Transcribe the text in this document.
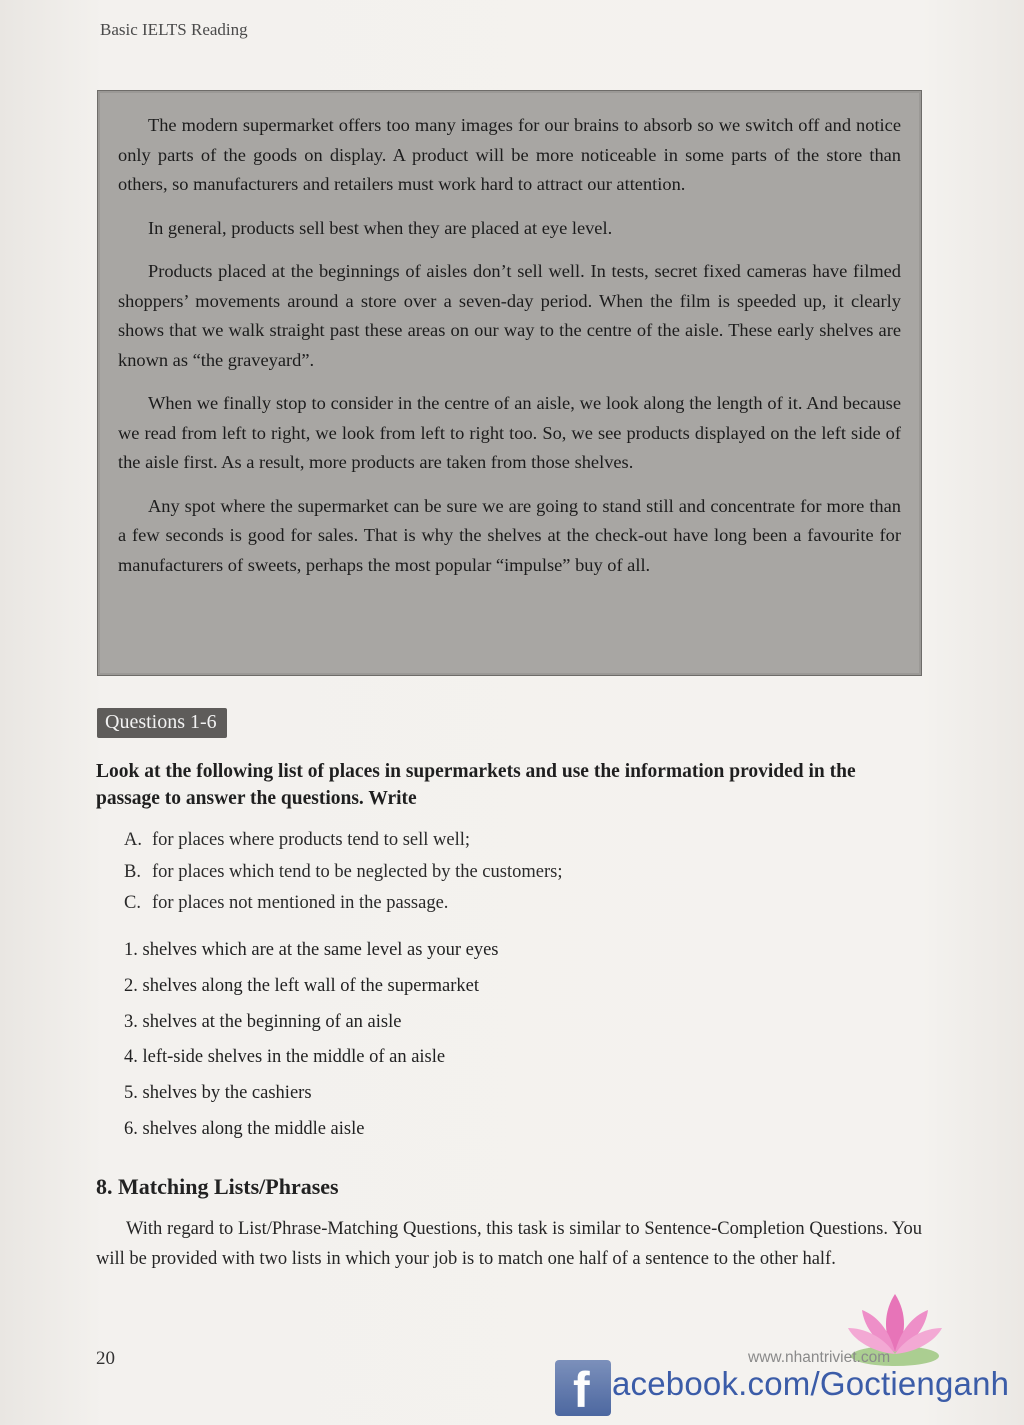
Basic IELTS Reading

The modern supermarket offers too many images for our brains to absorb so we switch off and notice only parts of the goods on display. A product will be more noticeable in some parts of the store than others, so manufacturers and retailers must work hard to attract our attention.

In general, products sell best when they are placed at eye level.

Products placed at the beginnings of aisles don’t sell well. In tests, secret fixed cameras have filmed shoppers’ movements around a store over a seven-day period. When the film is speeded up, it clearly shows that we walk straight past these areas on our way to the centre of the aisle. These early shelves are known as “the graveyard”.

When we finally stop to consider in the centre of an aisle, we look along the length of it. And because we read from left to right, we look from left to right too. So, we see products displayed on the left side of the aisle first. As a result, more products are taken from those shelves.

Any spot where the supermarket can be sure we are going to stand still and concentrate for more than a few seconds is good for sales. That is why the shelves at the check-out have long been a favourite for manufacturers of sweets, perhaps the most popular “impulse” buy of all.

Questions 1-6
Look at the following list of places in supermarkets and use the information provided in the passage to answer the questions. Write
A. for places where products tend to sell well;
B. for places which tend to be neglected by the customers;
C. for places not mentioned in the passage.
1. shelves which are at the same level as your eyes
2. shelves along the left wall of the supermarket
3. shelves at the beginning of an aisle
4. left-side shelves in the middle of an aisle
5. shelves by the cashiers
6. shelves along the middle aisle
8. Matching Lists/Phrases
With regard to List/Phrase-Matching Questions, this task is similar to Sentence-Completion Questions. You will be provided with two lists in which your job is to match one half of a sentence to the other half.
20	www.nhantriviet.com
f acebook.com/Goctienganh
